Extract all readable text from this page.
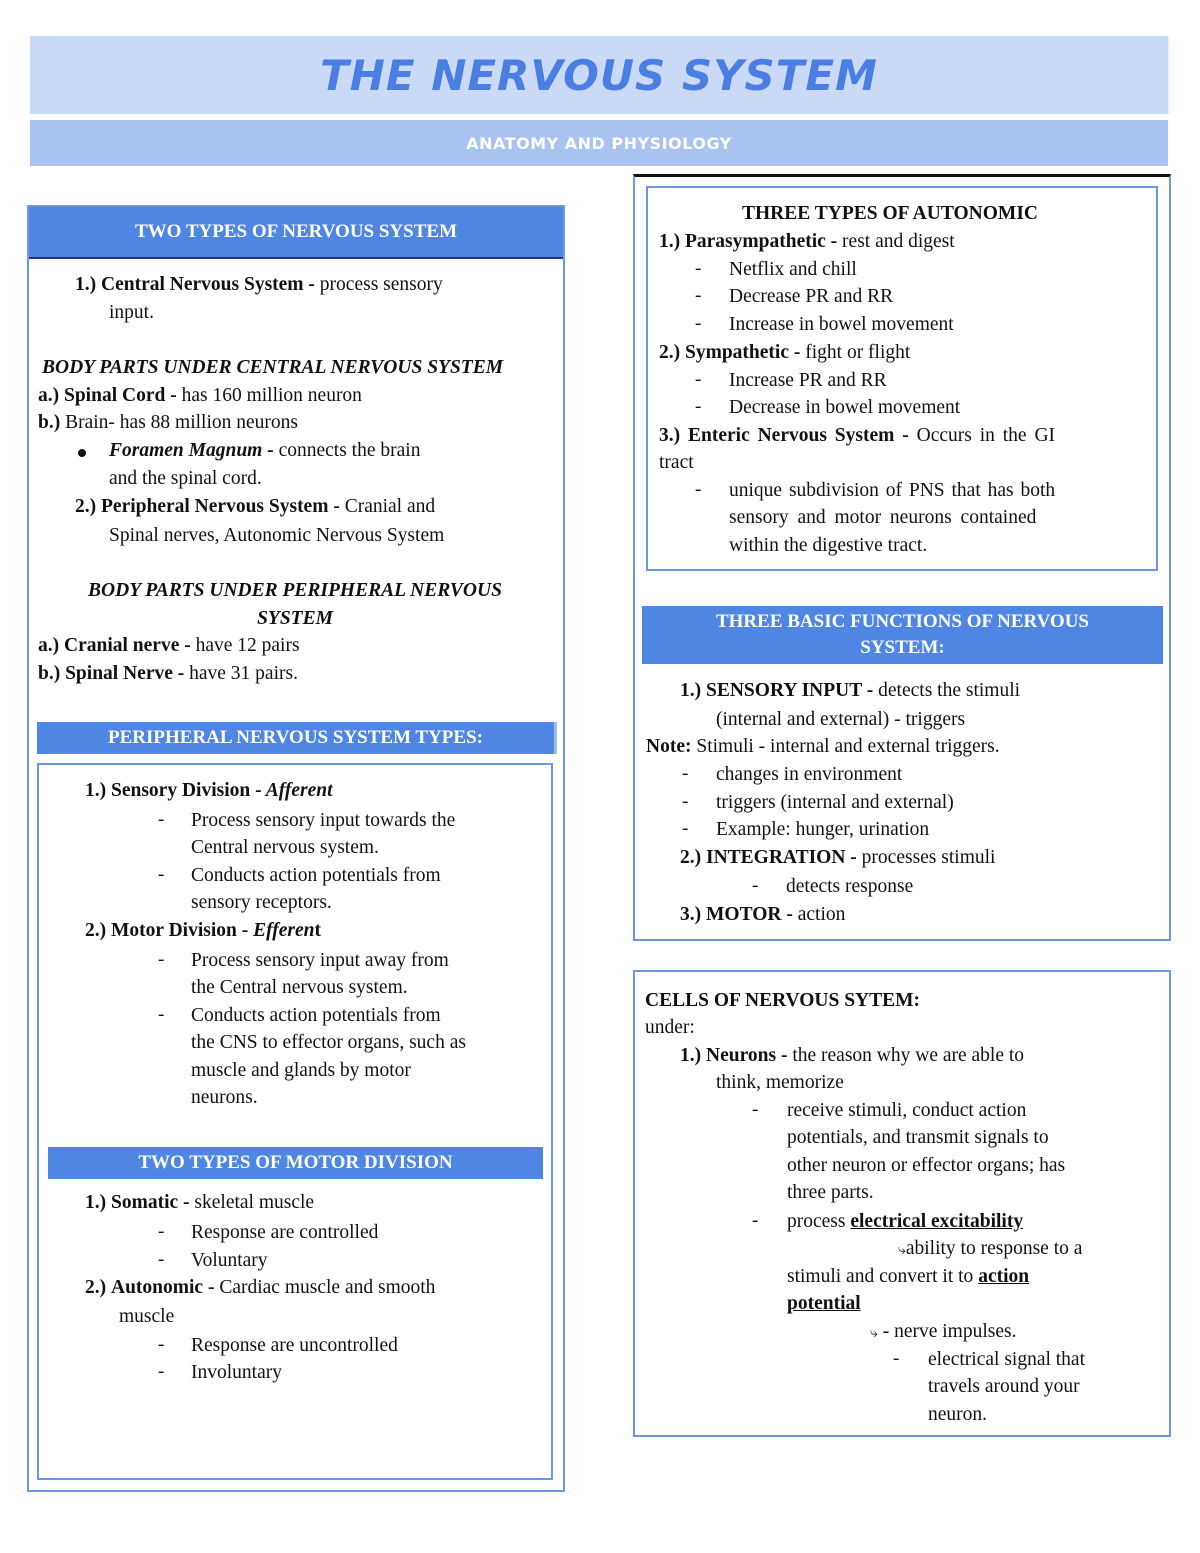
THE NERVOUS SYSTEM
ANATOMY AND PHYSIOLOGY
TWO TYPES OF NERVOUS SYSTEM
1.) Central Nervous System - process sensory
input.
BODY PARTS UNDER CENTRAL NERVOUS SYSTEM
a.) Spinal Cord - has 160 million neuron
b.) Brain- has 88 million neurons
Foramen Magnum - connects the brain
and the spinal cord.
2.) Peripheral Nervous System - Cranial and
Spinal nerves, Autonomic Nervous System
BODY PARTS UNDER PERIPHERAL NERVOUS SYSTEM
a.) Cranial nerve - have 12 pairs
b.) Spinal Nerve - have 31 pairs.
PERIPHERAL NERVOUS SYSTEM TYPES:
1.) Sensory Division - Afferent
- Process sensory input towards the
Central nervous system.
- Conducts action potentials from
sensory receptors.
2.) Motor Division - Efferent
- Process sensory input away from
the Central nervous system.
- Conducts action potentials from
the CNS to effector organs, such as
muscle and glands by motor
neurons.
TWO TYPES OF MOTOR DIVISION
1.) Somatic - skeletal muscle
- Response are controlled
- Voluntary
2.) Autonomic - Cardiac muscle and smooth
muscle
- Response are uncontrolled
- Involuntary
THREE TYPES OF AUTONOMIC
1.) Parasympathetic - rest and digest
- Netflix and chill
- Decrease PR and RR
- Increase in bowel movement
2.) Sympathetic - fight or flight
- Increase PR and RR
- Decrease in bowel movement
3.) Enteric Nervous System - Occurs in the GI
tract
- unique subdivision of PNS that has both
sensory and motor neurons contained
within the digestive tract.
THREE BASIC FUNCTIONS OF NERVOUS SYSTEM:
1.) SENSORY INPUT - detects the stimuli
(internal and external) - triggers
Note: Stimuli - internal and external triggers.
- changes in environment
- triggers (internal and external)
- Example: hunger, urination
2.) INTEGRATION - processes stimuli
- detects response
3.) MOTOR - action
CELLS OF NERVOUS SYTEM:
under:
1.) Neurons - the reason why we are able to
think, memorize
- receive stimuli, conduct action
potentials, and transmit signals to
other neuron or effector organs; has
three parts.
- process electrical excitability
⤷ability to response to a
stimuli and convert it to action
potential
⤷ - nerve impulses.
- electrical signal that
travels around your
neuron.
